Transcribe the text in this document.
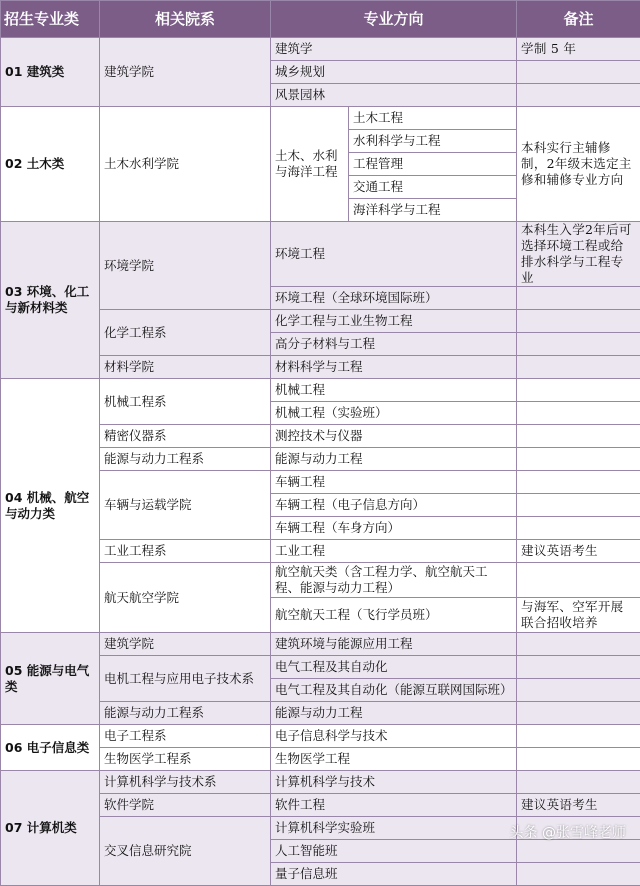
招生专业类	相关院系	专业方向		备注
01 建筑类	建筑学院	建筑学		学制 5 年
		城乡规划		
		风景园林		
02 土木类	土木水利学院	土木、水利与海洋工程	土木工程	本科实行主辅修制，2年级末选定主修和辅修专业方向
			水利科学与工程	
			工程管理	
			交通工程	
			海洋科学与工程	
03 环境、化工与新材料类	环境学院	环境工程		本科生入学2年后可选择环境工程或给排水科学与工程专业
		环境工程（全球环境国际班）		
	化学工程系	化学工程与工业生物工程		
		高分子材料与工程		
	材料学院	材料科学与工程		
04 机械、航空与动力类	机械工程系	机械工程		
		机械工程（实验班）		
	精密仪器系	测控技术与仪器		
	能源与动力工程系	能源与动力工程		
	车辆与运载学院	车辆工程		
		车辆工程（电子信息方向）		
		车辆工程（车身方向）		
	工业工程系	工业工程		建议英语考生
	航天航空学院	航空航天类（含工程力学、航空航天工程、能源与动力工程）		
		航空航天工程（飞行学员班）		与海军、空军开展联合招收培养
05 能源与电气类	建筑学院	建筑环境与能源应用工程		
	电机工程与应用电子技术系	电气工程及其自动化		
		电气工程及其自动化（能源互联网国际班）		
	能源与动力工程系	能源与动力工程		
06 电子信息类	电子工程系	电子信息科学与技术		
	生物医学工程系	生物医学工程		
07 计算机类	计算机科学与技术系	计算机科学与技术		
	软件学院	软件工程		建议英语考生
	交叉信息研究院	计算机科学实验班		
		人工智能班		
		量子信息班		
头条 @张雪峰老师
